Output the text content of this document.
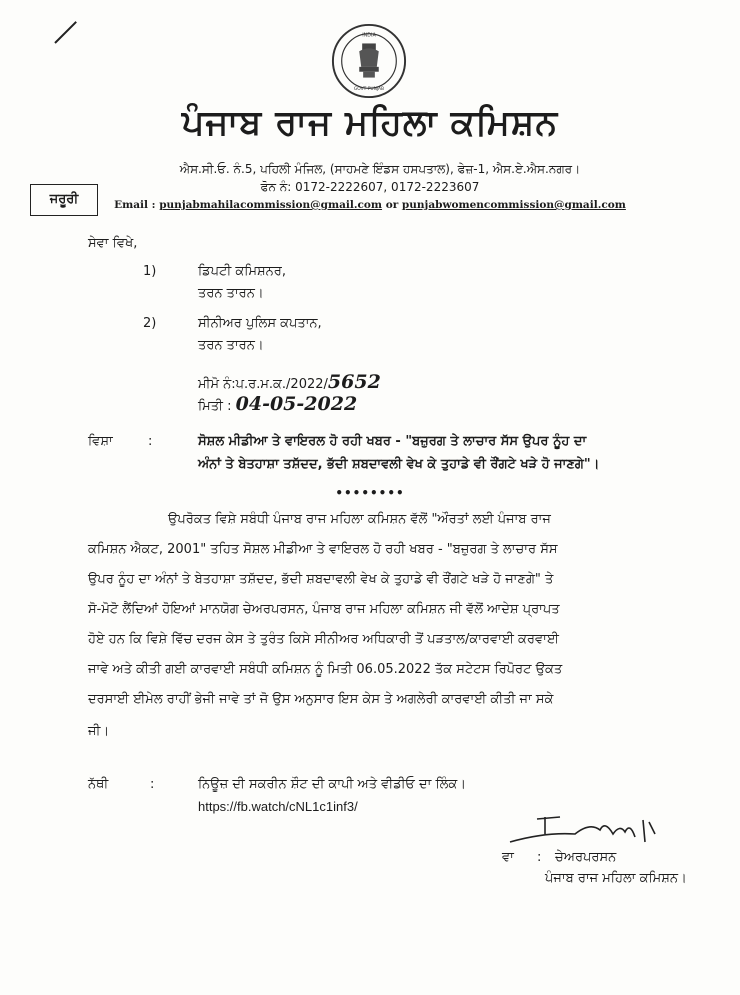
INDIA
GOVT PUNJAB
ਪੰਜਾਬ ਰਾਜ ਮਹਿਲਾ ਕਮਿਸ਼ਨ
ਐਸ.ਸੀ.ਓ. ਨੰ.5, ਪਹਿਲੀ ਮੰਜਿਲ, (ਸਾਹਮਣੇ ਇੰਡਸ ਹਸਪਤਾਲ), ਫੇਜ਼-1, ਐਸ.ਏ.ਐਸ.ਨਗਰ।
ਫੋਨ ਨੰ: 0172-2222607, 0172-2223607
Email : punjabmahilacommission@gmail.com or punjabwomencommission@gmail.com
ਜਰੂਰੀ
ਸੇਵਾ ਵਿਖੇ,
1)	ਡਿਪਟੀ ਕਮਿਸ਼ਨਰ,
ਤਰਨ ਤਾਰਨ।
2)	ਸੀਨੀਅਰ ਪੁਲਿਸ ਕਪਤਾਨ,
ਤਰਨ ਤਾਰਨ।
ਮੀਮੋ ਨੰ:ਪ.ਰ.ਮ.ਕ./2022/5652
ਮਿਤੀ : 04-05-2022
ਵਿਸ਼ਾ	:	ਸੋਸ਼ਲ ਮੀਡੀਆ ਤੇ ਵਾਇਰਲ ਹੋ ਰਹੀ ਖਬਰ - "ਬਜ਼ੁਰਗ ਤੇ ਲਾਚਾਰ ਸੱਸ ਉਪਰ ਨੂੰਹ ਦਾ
ਅੰਨਾਂ ਤੇ ਬੇਤਹਾਸ਼ਾ ਤਸ਼ੱਦਦ, ਭੱਦੀ ਸ਼ਬਦਾਵਲੀ ਵੇਖ ਕੇ ਤੁਹਾਡੇ ਵੀ ਰੌਂਗਟੇ ਖੜੇ ਹੋ ਜਾਣਗੇ"।
••••••••
ਉਪਰੋਕਤ ਵਿਸ਼ੇ ਸਬੰਧੀ ਪੰਜਾਬ ਰਾਜ ਮਹਿਲਾ ਕਮਿਸ਼ਨ ਵੱਲੋਂ "ਔਰਤਾਂ ਲਈ ਪੰਜਾਬ ਰਾਜ
ਕਮਿਸ਼ਨ ਐਕਟ, 2001" ਤਹਿਤ ਸੋਸ਼ਲ ਮੀਡੀਆ ਤੇ ਵਾਇਰਲ ਹੋ ਰਹੀ ਖਬਰ - "ਬਜ਼ੁਰਗ ਤੇ ਲਾਚਾਰ ਸੱਸ
ਉਪਰ ਨੂੰਹ ਦਾ ਅੰਨਾਂ ਤੇ ਬੇਤਹਾਸ਼ਾ ਤਸ਼ੱਦਦ, ਭੱਦੀ ਸ਼ਬਦਾਵਲੀ ਵੇਖ ਕੇ ਤੁਹਾਡੇ ਵੀ ਰੌਂਗਟੇ ਖੜੇ ਹੋ ਜਾਣਗੇ" ਤੇ
ਸੋ-ਮੋਟੋ ਲੈਂਦਿਆਂ ਹੋਇਆਂ ਮਾਨਯੋਗ ਚੇਅਰਪਰਸਨ, ਪੰਜਾਬ ਰਾਜ ਮਹਿਲਾ ਕਮਿਸ਼ਨ ਜੀ ਵੱਲੋਂ ਆਦੇਸ਼ ਪ੍ਰਾਪਤ
ਹੋਏ ਹਨ ਕਿ ਵਿਸ਼ੇ ਵਿੱਚ ਦਰਜ ਕੇਸ ਤੇ ਤੁਰੰਤ ਕਿਸੇ ਸੀਨੀਅਰ ਅਧਿਕਾਰੀ ਤੋਂ ਪੜਤਾਲ/ਕਾਰਵਾਈ ਕਰਵਾਈ
ਜਾਵੇ ਅਤੇ ਕੀਤੀ ਗਈ ਕਾਰਵਾਈ ਸਬੰਧੀ ਕਮਿਸ਼ਨ ਨੂੰ ਮਿਤੀ 06.05.2022 ਤੱਕ ਸਟੇਟਸ ਰਿਪੋਰਟ ਉਕਤ
ਦਰਸਾਈ ਈਮੇਲ ਰਾਹੀਂ ਭੇਜੀ ਜਾਵੇ ਤਾਂ ਜੋ ਉਸ ਅਨੁਸਾਰ ਇਸ ਕੇਸ ਤੇ ਅਗਲੇਰੀ ਕਾਰਵਾਈ ਕੀਤੀ ਜਾ ਸਕੇ
ਜੀ।
ਨੱਥੀ	:	ਨਿਊਜ਼ ਦੀ ਸਕਰੀਨ ਸ਼ੌਟ ਦੀ ਕਾਪੀ ਅਤੇ ਵੀਡੀਓ ਦਾ ਲਿੰਕ।
https://fb.watch/cNL1c1inf3/
ਵਾ : ਚੇਅਰਪਰਸਨ
ਪੰਜਾਬ ਰਾਜ ਮਹਿਲਾ ਕਮਿਸ਼ਨ।
